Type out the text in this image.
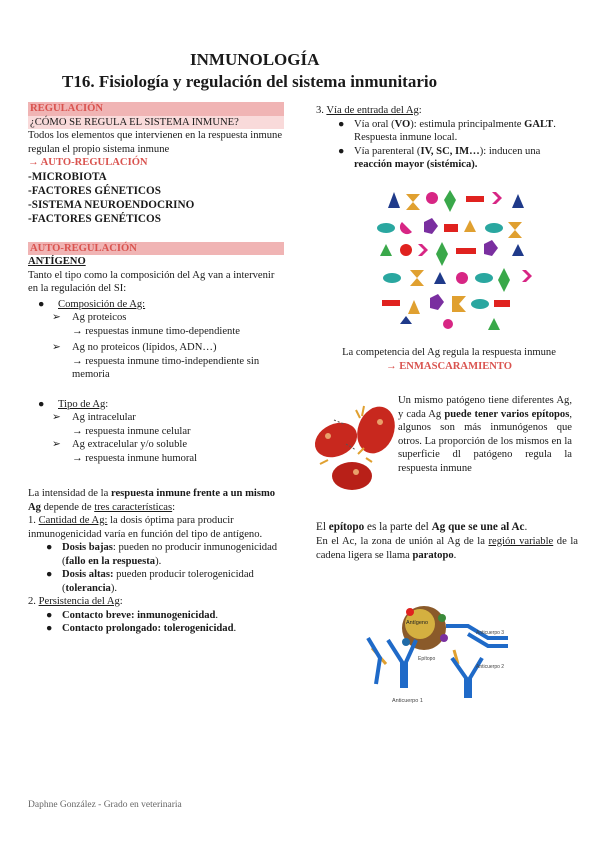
INMUNOLOGÍA
T16. Fisiología y regulación del sistema inmunitario
REGULACIÓN
¿CÓMO SE REGULA EL SISTEMA INMUNE?
Todos los elementos que intervienen en la respuesta inmune regulan el propio sistema inmune
→ AUTO-REGULACIÓN
-MICROBIOTA
-FACTORES GÉNETICOS
-SISTEMA NEUROENDOCRINO
-FACTORES GENÉTICOS
AUTO-REGULACIÓN
ANTÍGENO
Tanto el tipo como la composición del Ag van a intervenir en la regulación del SI:
● Composición de Ag:
➢ Ag proteicos
→ respuestas inmune timo-dependiente
➢ Ag no proteicos (lípidos, ADN…)
→ respuesta inmune timo-independiente sin memoria
● Tipo de Ag:
➢ Ag intracelular
→ respuesta inmune celular
➢ Ag extracelular y/o soluble
→ respuesta inmune humoral
La intensidad de la respuesta inmune frente a un mismo Ag depende de tres características:
1. Cantidad de Ag: la dosis óptima para producir inmunogenicidad varía en función del tipo de antígeno.
● Dosis bajas: pueden no producir inmunogenicidad (fallo en la respuesta).
● Dosis altas: pueden producir tolerogenicidad (tolerancia).
2. Persistencia del Ag:
● Contacto breve: inmunogenicidad.
● Contacto prolongado: tolerogenicidad.
3. Vía de entrada del Ag:
● Vía oral (VO): estimula principalmente GALT. Respuesta inmune local.
● Vía parenteral (IV, SC, IM…): inducen una reacción mayor (sistémica).
La competencia del Ag regula la respuesta inmune
→ ENMASCARAMIENTO
Un mismo patógeno tiene diferentes Ag, y cada Ag puede tener varios epítopos, algunos son más inmunógenos que otros. La proporción de los mismos en la superficie dl patógeno regula la respuesta inmune
El epítopo es la parte del Ag que se une al Ac.
En el Ac, la zona de unión al Ag de la región variable de la cadena ligera se llama paratopo.
Antígeno
Epítopo
Anticuerpo 3
Anticuerpo 1
Anticuerpo 2
Daphne González - Grado en veterinaria
